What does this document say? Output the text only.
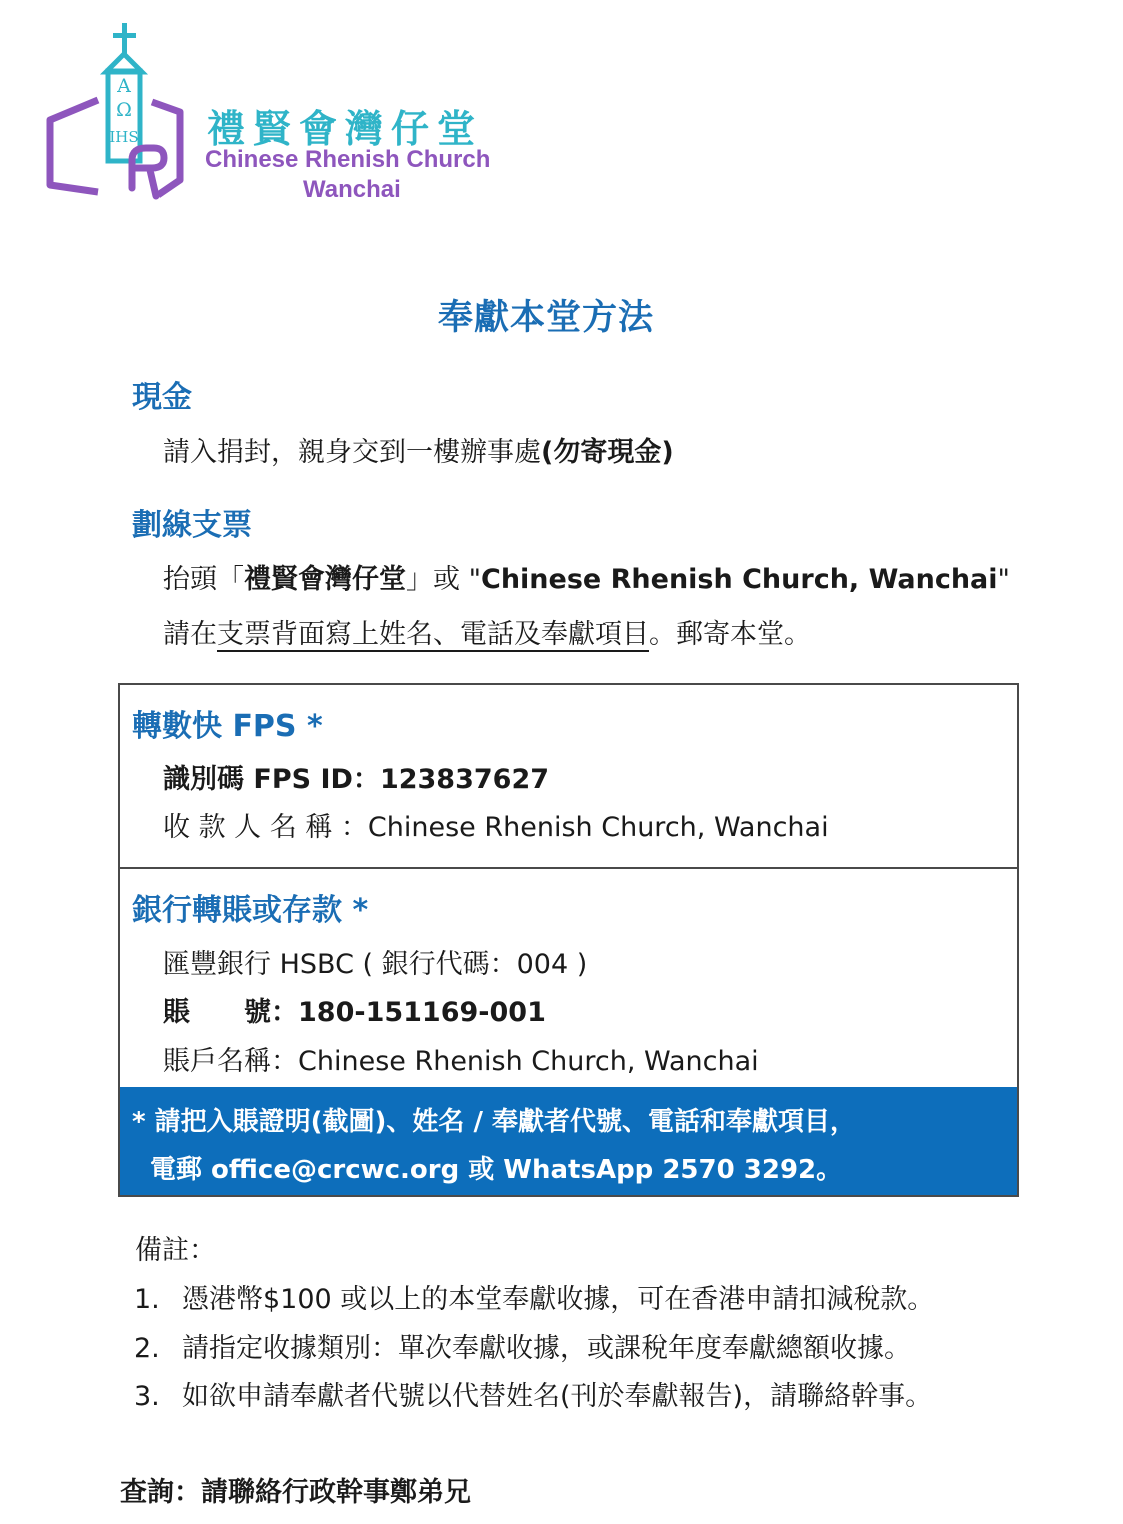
A
Ω
IHS 禮賢會灣仔堂
Chinese Rhenish Church
Wanchai
奉獻本堂方法
現金
請入捐封，親身交到一樓辦事處(勿寄現金)
劃線支票
抬頭「禮賢會灣仔堂」或 "Chinese Rhenish Church, Wanchai"
請在支票背面寫上姓名、電話及奉獻項目。郵寄本堂。
轉數快 FPS *
識別碼 FPS ID：123837627
收 款 人 名 稱 ：Chinese Rhenish Church, Wanchai
銀行轉賬或存款 *
匯豐銀行 HSBC ( 銀行代碼：004 )
賬　　號：180-151169-001
賬戶名稱：Chinese Rhenish Church, Wanchai
* 請把入賬證明(截圖)、姓名 / 奉獻者代號、電話和奉獻項目，
電郵 office@crcwc.org 或 WhatsApp 2570 3292。
備註：
1. 憑港幣$100 或以上的本堂奉獻收據，可在香港申請扣減稅款。
2. 請指定收據類別：單次奉獻收據，或課稅年度奉獻總額收據。
3. 如欲申請奉獻者代號以代替姓名(刊於奉獻報告)，請聯絡幹事。
查詢：請聯絡行政幹事鄭弟兄
